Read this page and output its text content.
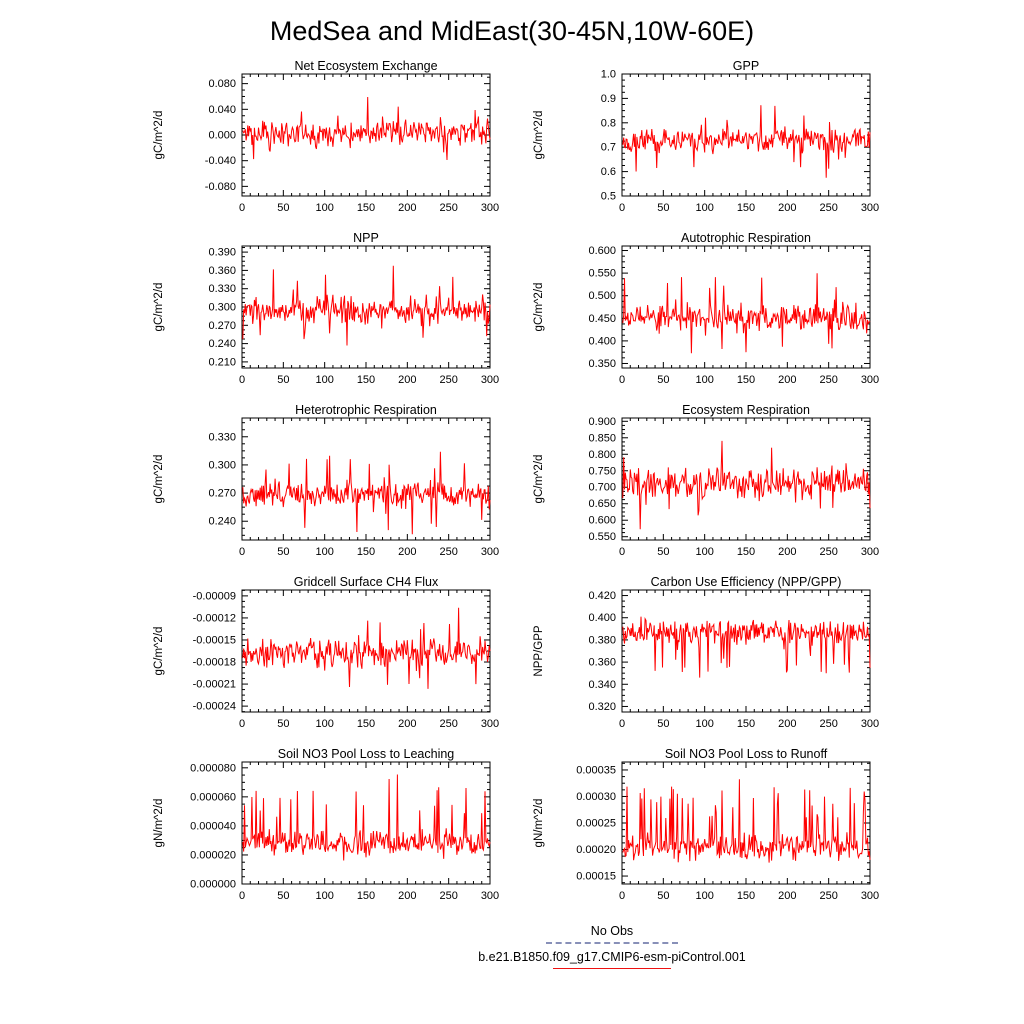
MedSea and MidEast(30-45N,10W-60E)
0	50 100 150 200 250 300
-0.080
-0.040
0.000
0.040
0.080
Net Ecosystem Exchange
gC/m^2/d
0	50 100 150 200 250 300
0.5
0.6
0.7
0.8
0.9
1.0
GPP
gC/m^2/d
0	50 100 150 200 250 300
0.210
0.240
0.270
0.300
0.330
0.360
0.390
NPP
gC/m^2/d
0	50 100 150 200 250 300
0.350
0.400
0.450
0.500
0.550
0.600
Autotrophic Respiration
gC/m^2/d
0	50 100 150 200 250 300
0.240
0.270
0.300
0.330
Heterotrophic Respiration
gC/m^2/d
0	50 100 150 200 250 300
0.550
0.600
0.650
0.700
0.750
0.800
0.850
0.900
Ecosystem Respiration
gC/m^2/d
0	50 100 150 200 250 300
-0.00024
-0.00021
-0.00018
-0.00015
-0.00012
-0.00009
Gridcell Surface CH4 Flux
gC/m^2/d
0	50 100 150 200 250 300
0.320
0.340
0.360
0.380
0.400
0.420
Carbon Use Efficiency (NPP/GPP)
NPP/GPP
0	50 100 150 200 250 300
0.000000
0.000020
0.000040
0.000060
0.000080
Soil NO3 Pool Loss to Leaching
gN/m^2/d
0	50 100 150 200 250 300
0.00015
0.00020
0.00025
0.00030
0.00035
Soil NO3 Pool Loss to Runoff
gN/m^2/d
No Obs
b.e21.B1850.f09_g17.CMIP6-esm-piControl.001
